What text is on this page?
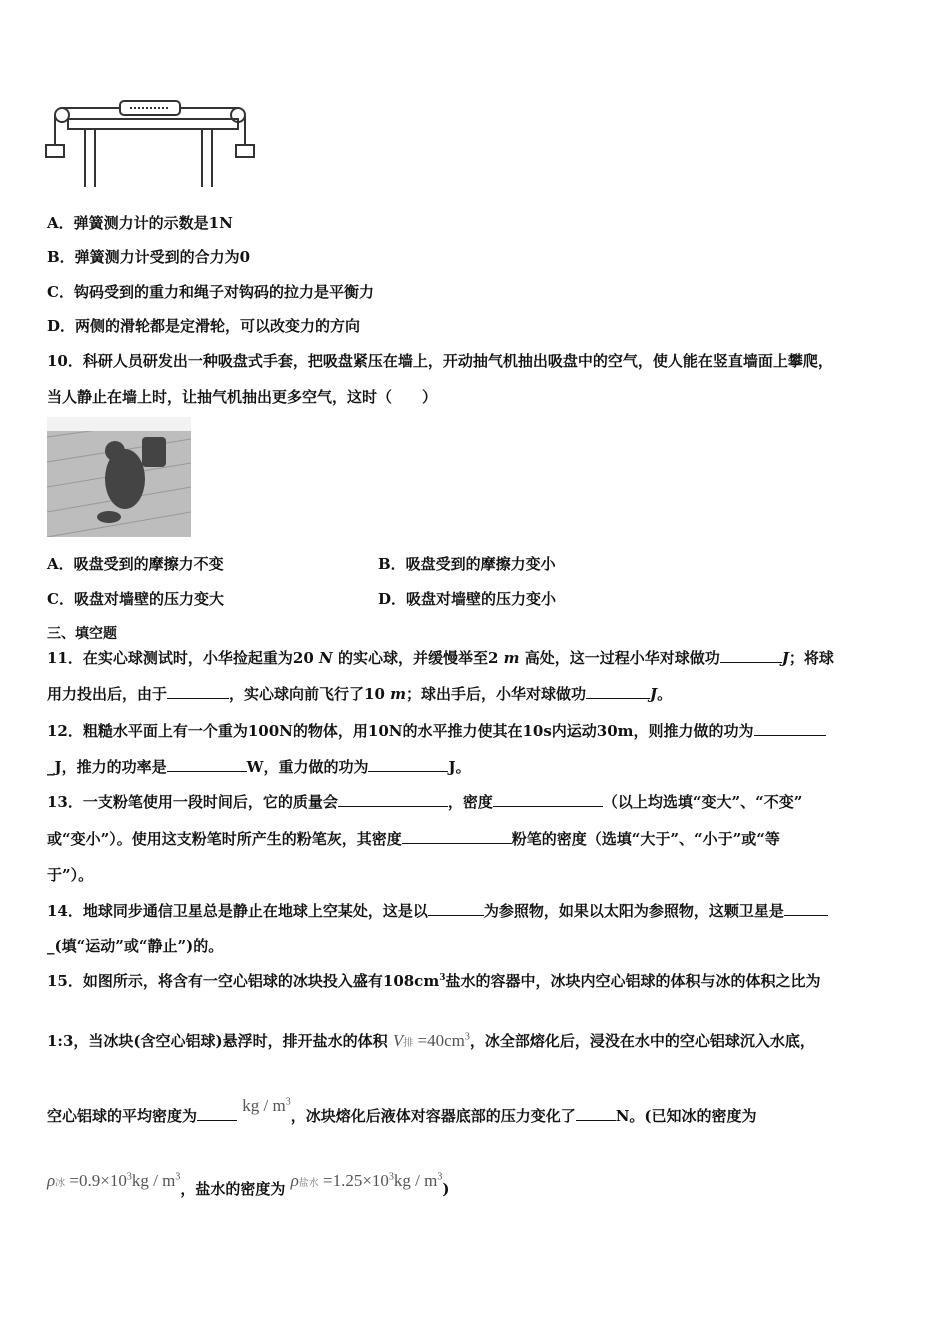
A．弹簧测力计的示数是1N
B．弹簧测力计受到的合力为0
C．钩码受到的重力和绳子对钩码的拉力是平衡力
D．两侧的滑轮都是定滑轮，可以改变力的方向
10．科研人员研发出一种吸盘式手套，把吸盘紧压在墙上，开动抽气机抽出吸盘中的空气，使人能在竖直墙面上攀爬，
当人静止在墙上时，让抽气机抽出更多空气，这时（　　）
A．吸盘受到的摩擦力不变	B．吸盘受到的摩擦力变小
C．吸盘对墙壁的压力变大	D．吸盘对墙壁的压力变小
三、填空题
11．在实心球测试时，小华捡起重为20 N 的实心球，并缓慢举至2 m 高处，这一过程小华对球做功	J；将球
用力投出后，由于	，实心球向前飞行了10 m；球出手后，小华对球做功	J。
12．粗糙水平面上有一个重为100N的物体，用10N的水平推力使其在10s内运动30m，则推力做的功为
_J，推力的功率是	W，重力做的功为	J。
13．一支粉笔使用一段时间后，它的质量会	，密度	（以上均选填“变大”、“不变”
或“变小”）。使用这支粉笔时所产生的粉笔灰，其密度	粉笔的密度（选填“大于”、“小于”或“等
于”）。
14．地球同步通信卫星总是静止在地球上空某处，这是以	为参照物，如果以太阳为参照物，这颗卫星是
_(填“运动”或“静止”)的。
15．如图所示，将含有一空心铝球的冰块投入盛有$108cm^3$盐水的容器中，冰块内空心铝球的体积与冰的体积之比为
1:3，当冰块(含空心铝球)悬浮时，排开盐水的体积 V排 $=40cm^3$，冰全部熔化后，浸没在水中的空心铝球沉入水底，
空心铝球的平均密度为 kg / $m^3$，冰块熔化后液体对容器底部的压力变化了	N。(已知冰的密度为
ρ冰 $=0.9\times 10^3kg / m^3$，盐水的密度为 ρ盐水 $=1.25\times 10^3kg / m^3$)
